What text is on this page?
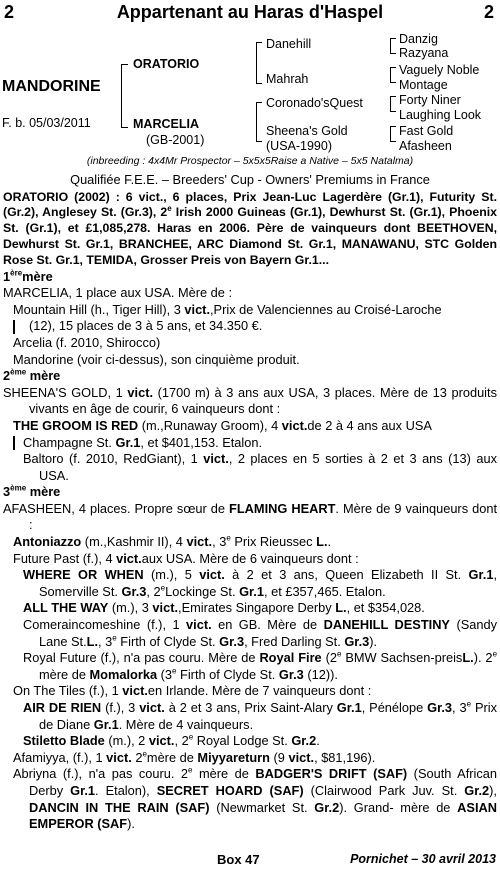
2	Appartenant au Haras d'Haspel	2
MANDORINE
F. b. 05/03/2011
ORATORIO
MARCELIA
(GB-2001)
Danehill
Mahrah
Coronado'sQuest
Sheena's Gold
(USA-1990)
Danzig
Razyana
Vaguely Noble
Montage
Forty Niner
Laughing Look
Fast Gold
Afasheen
(inbreeding : 4x4Mr Prospector – 5x5x5Raise a Native – 5x5 Natalma)

Qualifiée F.E.E. – Breeders' Cup - Owners' Premiums in France

ORATORIO (2002) : 6 vict., 6 places, Prix Jean-Luc Lagerdère (Gr.1), Futurity St. (Gr.2), Anglesey St. (Gr.3), 2e Irish 2000 Guineas (Gr.1), Dewhurst St. (Gr.1), Phoenix St. (Gr.1), et £1,085,278. Haras en 2006. Père de vainqueurs dont BEETHOVEN, Dewhurst St. Gr.1, BRANCHEE, ARC Diamond St. Gr.1, MANAWANU, STC Golden Rose St. Gr.1, TEMIDA, Grosser Preis von Bayern Gr.1...

1èremère

MARCELIA, 1 place aux USA. Mère de :

Mountain Hill (h., Tiger Hill), 3 vict.,Prix de Valenciennes au Croisé-Laroche

(12), 15 places de 3 à 5 ans, et 34.350 €.

Arcelia (f. 2010, Shirocco)

Mandorine (voir ci-dessus), son cinquième produit.

2ème mère

SHEENA'S GOLD, 1 vict. (1700 m) à 3 ans aux USA, 3 places. Mère de 13 produits vivants en âge de courir, 6 vainqueurs dont :

THE GROOM IS RED (m.,Runaway Groom), 4 vict.de 2 à 4 ans aux USA

Champagne St. Gr.1, et $401,153. Etalon.

Baltoro (f. 2010, RedGiant), 1 vict., 2 places en 5 sorties à 2 et 3 ans (13) aux USA.

3ème mère

AFASHEEN, 4 places. Propre sœur de FLAMING HEART. Mère de 9 vainqueurs dont :

Antoniazzo (m.,Kashmir II), 4 vict., 3e Prix Rieussec L..

Future Past (f.), 4 vict.aux USA. Mère de 6 vainqueurs dont :

WHERE OR WHEN (m.), 5 vict. à 2 et 3 ans, Queen Elizabeth II St. Gr.1, Somerville St. Gr.3, 2eLockinge St. Gr.1, et £357,465. Etalon.

ALL THE WAY (m.), 3 vict.,Emirates Singapore Derby L., et $354,028.

Comeraincomeshine (f.), 1 vict. en GB. Mère de DANEHILL DESTINY (Sandy Lane St.L., 3e Firth of Clyde St. Gr.3, Fred Darling St. Gr.3).

Royal Future (f.), n'a pas couru. Mère de Royal Fire (2e BMW Sachsen-preisL.). 2e mère de Momalorka (3e Firth of Clyde St. Gr.3 (12)).

On The Tiles (f.), 1 vict.en Irlande. Mère de 7 vainqueurs dont :

AIR DE RIEN (f.), 3 vict. à 2 et 3 ans, Prix Saint-Alary Gr.1, Pénélope Gr.3, 3e Prix de Diane Gr.1. Mère de 4 vainqueurs.

Stiletto Blade (m.), 2 vict., 2e Royal Lodge St. Gr.2.

Afamiyya, (f.), 1 vict. 2emère de Miyyareturn (9 vict., $81,196).

Abriyna (f.), n'a pas couru. 2e mère de BADGER'S DRIFT (SAF) (South African Derby Gr.1. Etalon), SECRET HOARD (SAF) (Clairwood Park Juv. St. Gr.2), DANCIN IN THE RAIN (SAF) (Newmarket St. Gr.2). Grand- mère de ASIAN EMPEROR (SAF).

Box 47	Pornichet – 30 avril 2013
